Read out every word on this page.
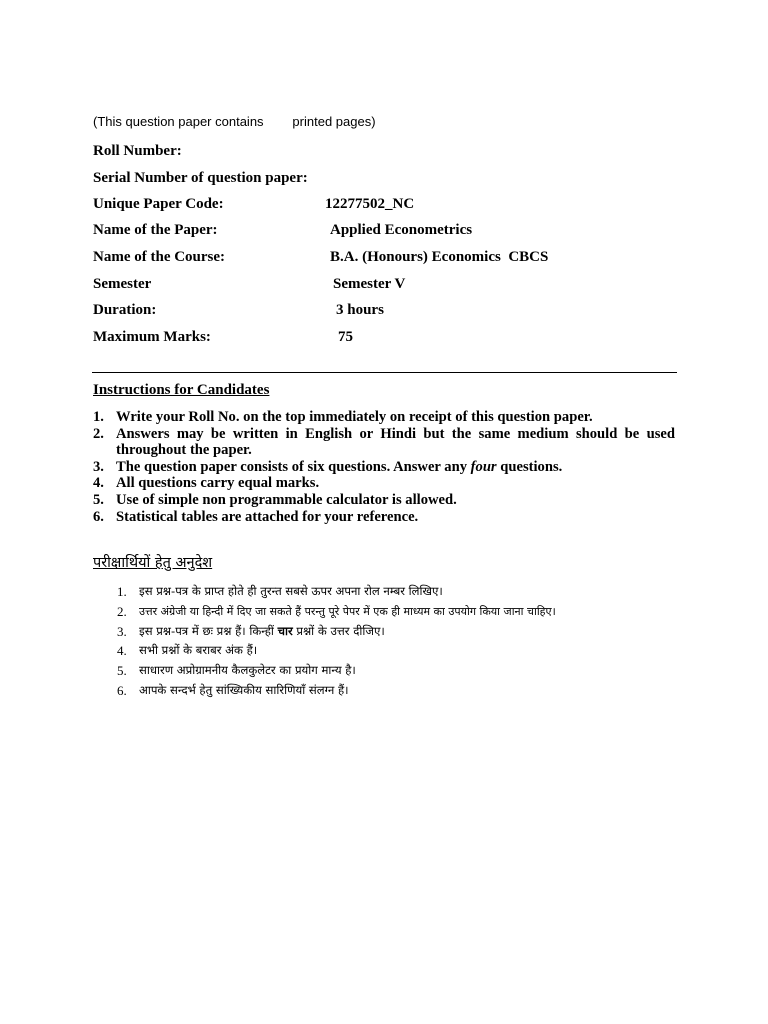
(This question paper contains        printed pages)
Roll Number:
Serial Number of question paper:
Unique Paper Code:	12277502_NC
Name of the Paper:	Applied Econometrics
Name of the Course:	B.A. (Honours) Economics  CBCS
Semester	Semester V
Duration:	3 hours
Maximum Marks:	75
Instructions for Candidates
1. Write your Roll No. on the top immediately on receipt of this question paper.
2. Answers may be written in English or Hindi but the same medium should be used throughout the paper.
3. The question paper consists of six questions. Answer any four questions.
4. All questions carry equal marks.
5. Use of simple non programmable calculator is allowed.
6. Statistical tables are attached for your reference.
परीक्षार्थियों हेतु अनुदेश
1. इस प्रश्न-पत्र के प्राप्त होते ही तुरन्त सबसे ऊपर अपना रोल नम्बर लिखिए।
2. उत्तर अंग्रेजी या हिन्दी में दिए जा सकते हैं परन्तु पूरे पेपर में एक ही माध्यम का उपयोग किया जाना चाहिए।
3. इस प्रश्न-पत्र में छः प्रश्न हैं। किन्हीं चार प्रश्नों के उत्तर दीजिए।
4. सभी प्रश्नों के बराबर अंक हैं।
5. साधारण अप्रोग्रामनीय कैलकुलेटर का प्रयोग मान्य है।
6. आपके सन्दर्भ हेतु सांख्यिकीय सारिणियाँ संलग्न हैं।
